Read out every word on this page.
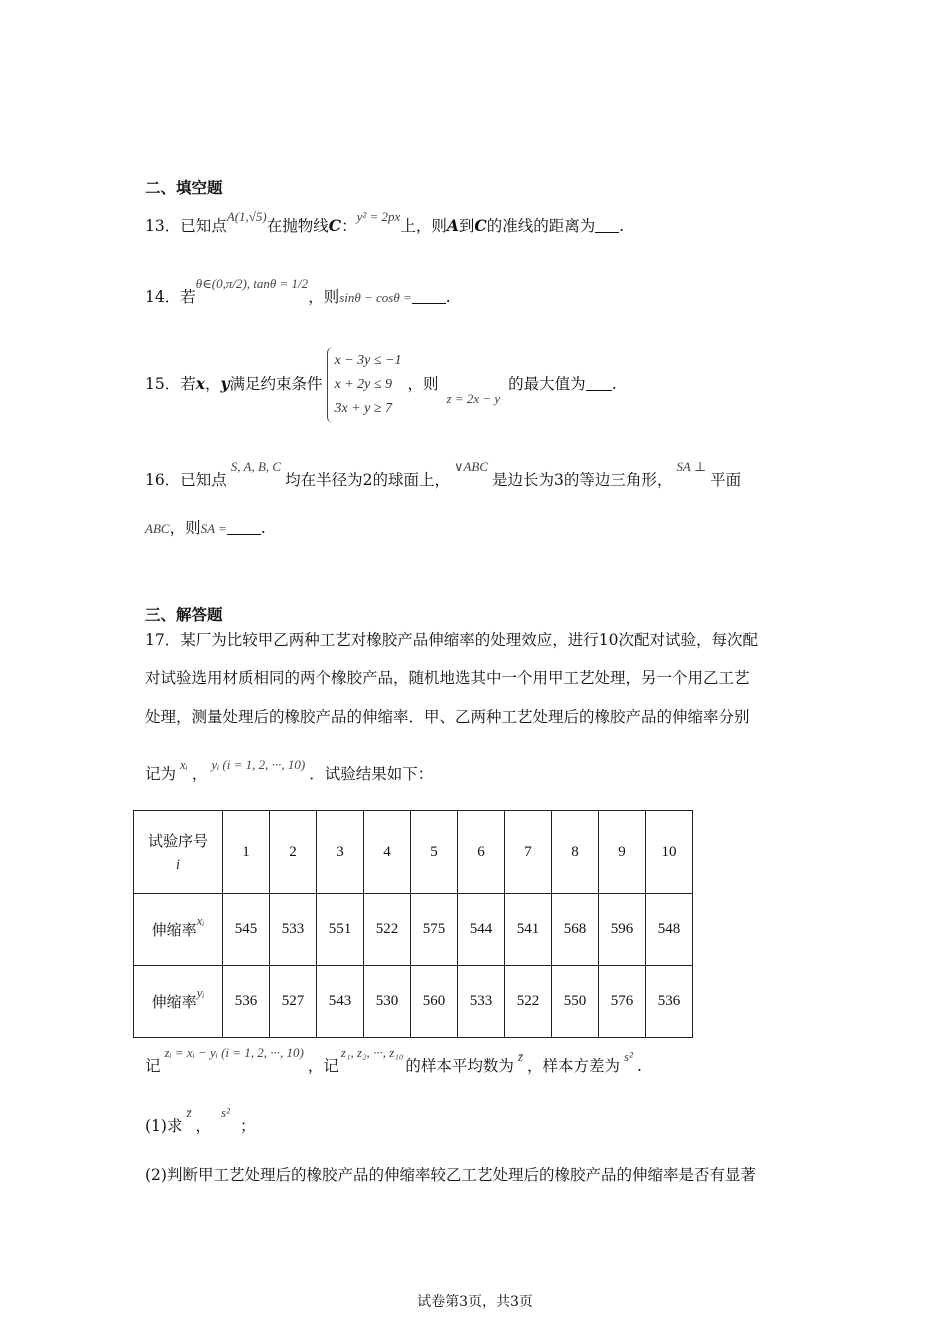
二、填空题
13．已知点$^{A(1,√5)}$在抛物线C：$^{y^2 = 2px}$上，则A到C的准线的距离为 .
14．若$^{\theta\in(0,\pi/2), tan\theta = 1/2}$，则sinθ − cosθ = .
15．若x，y满足约束条件
x − 3y ≤ −1
x + 2y ≤ 9
3x + y ≥ 7
，则$_{z = 2x - y}$的最大值为 .
16．已知点$^{S, A, B, C}$均在半径为2的球面上，$^{\vee ABC}$是边长为3的等边三角形，$^{SA \perp}$平面
ABC，则SA = .
三、解答题
17．某厂为比较甲乙两种工艺对橡胶产品伸缩率的处理效应，进行10次配对试验，每次配
对试验选用材质相同的两个橡胶产品，随机地选其中一个用甲工艺处理，另一个用乙工艺
处理，测量处理后的橡胶产品的伸缩率．甲、乙两种工艺处理后的橡胶产品的伸缩率分别
记为$^{xᵢ}$，$^{yᵢ (i = 1, 2, \cdot\cdot\cdot, 10)}$．试验结果如下：
试验序号
i	1	2	3	4	5	6	7	8	9	10
伸缩率xᵢ	545	533	551	522	575	544	541	568	596	548
伸缩率yᵢ	536	527	543	530	560	533	522	550	576	536
记$^{zᵢ = xᵢ - yᵢ (i = 1, 2, \cdot\cdot\cdot, 10)}$，记$^{z_1, z_2, \cdot\cdot\cdot, z_{10}}$的样本平均数为$^{z̄}$，样本方差为$^{s^2}$.
(1)求$^{z̄}$，$^{s^2}$；
(2)判断甲工艺处理后的橡胶产品的伸缩率较乙工艺处理后的橡胶产品的伸缩率是否有显著
试卷第3页，共3页
